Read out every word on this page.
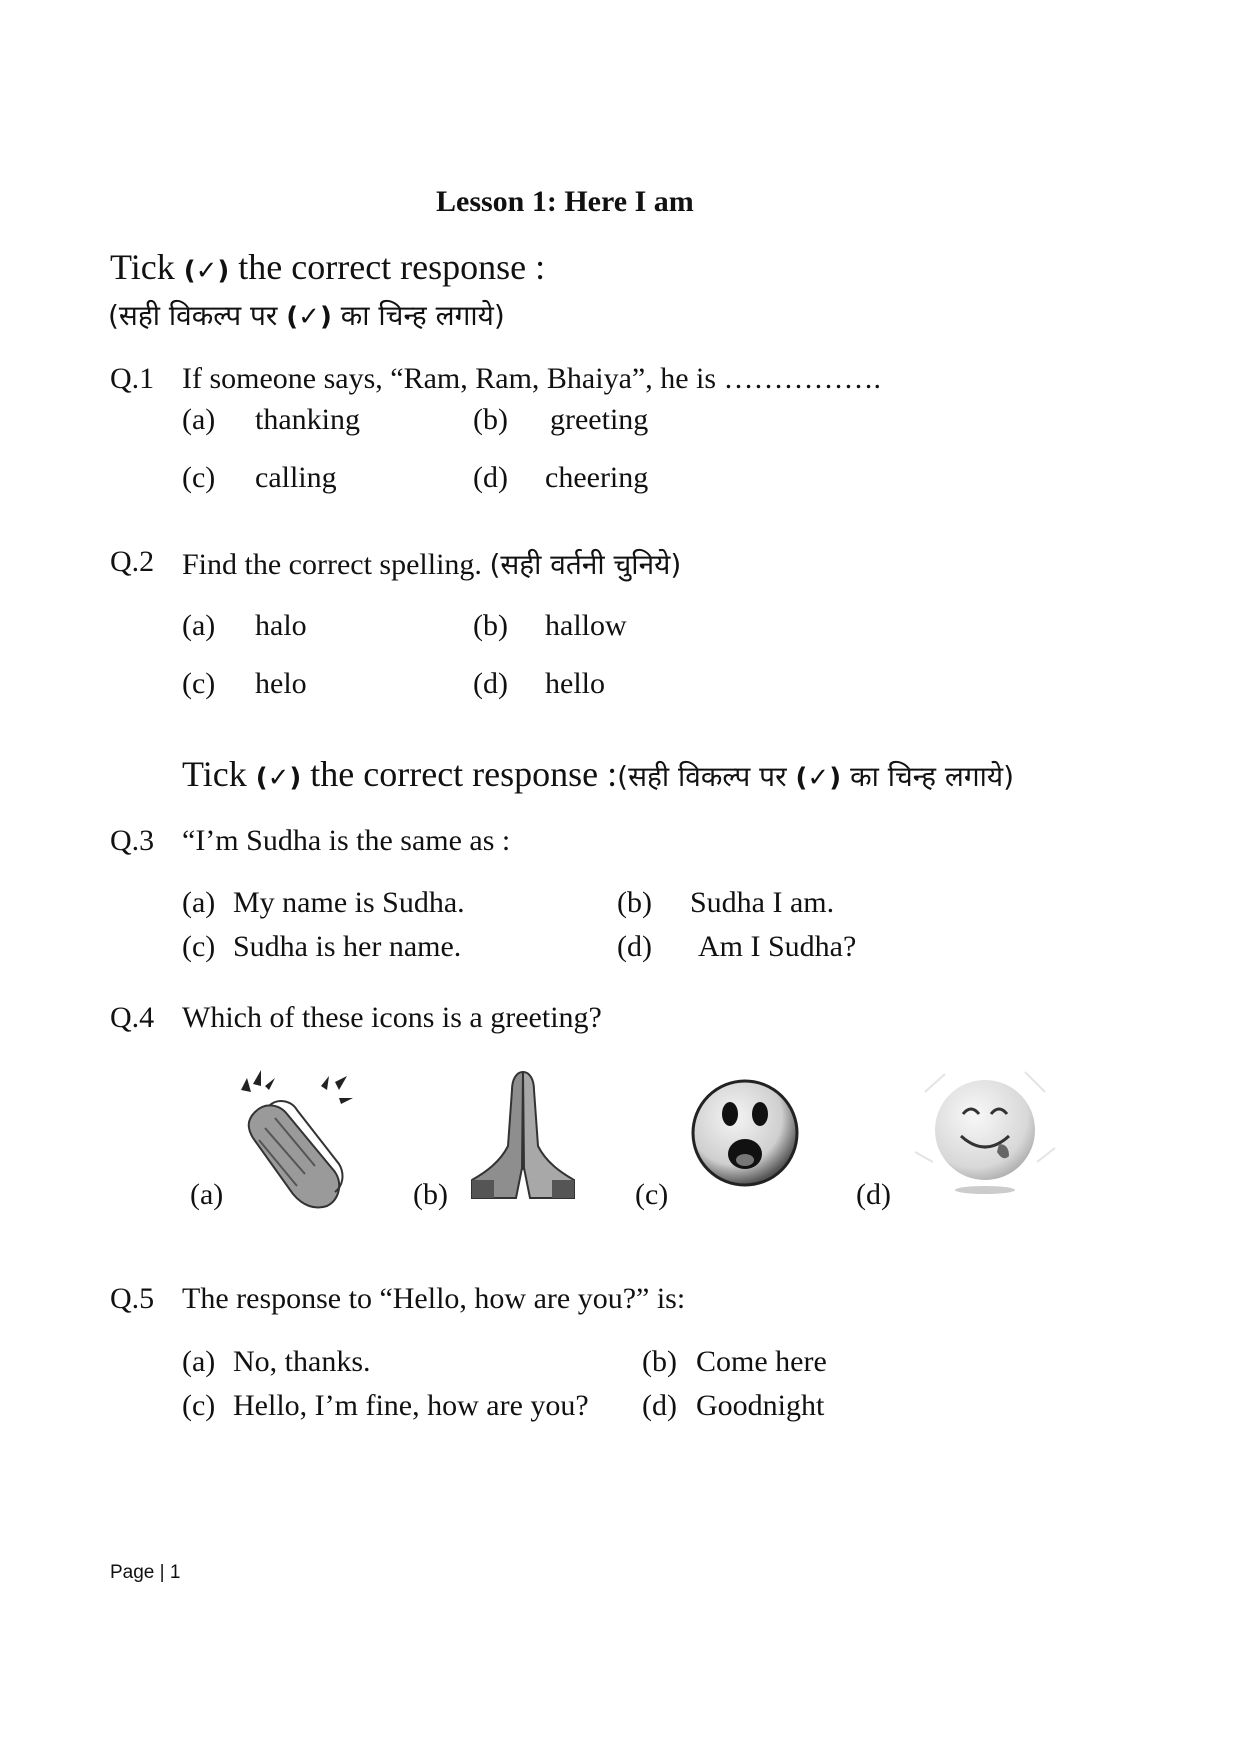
Lesson 1: Here I am
Tick (✓) the correct response :
(सही विकल्प पर (✓) का चिन्ह लगाये)
Q.1 If someone says, “Ram, Ram, Bhaiya”, he is …………….
(a) thanking	(b) greeting
(c) calling	(d) cheering
Q.2 Find the correct spelling. (सही वर्तनी चुनिये)
(a) halo	(b) hallow
(c) helo	(d) hello
Tick (✓) the correct response :(सही विकल्प पर (✓) का चिन्ह लगाये)
Q.3 “I’m Sudha is the same as :
(a) My name is Sudha.	(b) Sudha I am.
(c) Sudha is her name.	(d) Am I Sudha?
Q.4 Which of these icons is a greeting?
(a)	(b)	(c)	(d)
Q.5 The response to “Hello, how are you?” is:
(a) No, thanks.	(b) Come here
(c) Hello, I’m fine, how are you? (d) Goodnight
Page | 1
